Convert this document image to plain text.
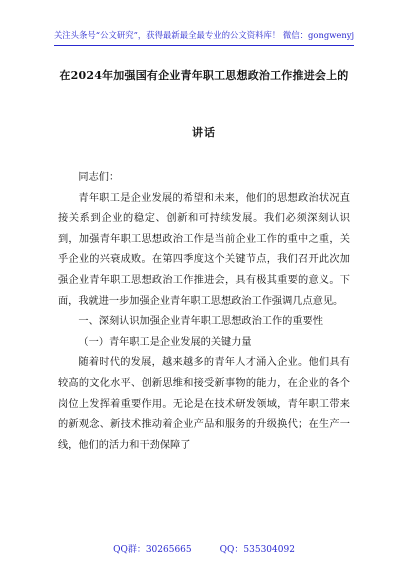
关注头条号“公文研究”，获得最新最全最专业的公文资料库！ 微信：gongwenyj
在2024年加强国有企业青年职工思想政治工作推进会上的
讲话

同志们：

青年职工是企业发展的希望和未来，他们的思想政治状况直接关系到企业的稳定、创新和可持续发展。我们必须深刻认识到，加强青年职工思想政治工作是当前企业工作的重中之重，关乎企业的兴衰成败。在第四季度这个关键节点，我们召开此次加强企业青年职工思想政治工作推进会，具有极其重要的意义。下面，我就进一步加强企业青年职工思想政治工作强调几点意见。

一、深刻认识加强企业青年职工思想政治工作的重要性

（一）青年职工是企业发展的关键力量

随着时代的发展，越来越多的青年人才涌入企业。他们具有较高的文化水平、创新思维和接受新事物的能力，在企业的各个岗位上发挥着重要作用。无论是在技术研发领域，青年职工带来的新观念、新技术推动着企业产品和服务的升级换代；在生产一线，他们的活力和干劲保障了

QQ群：30265665	QQ：535304092
